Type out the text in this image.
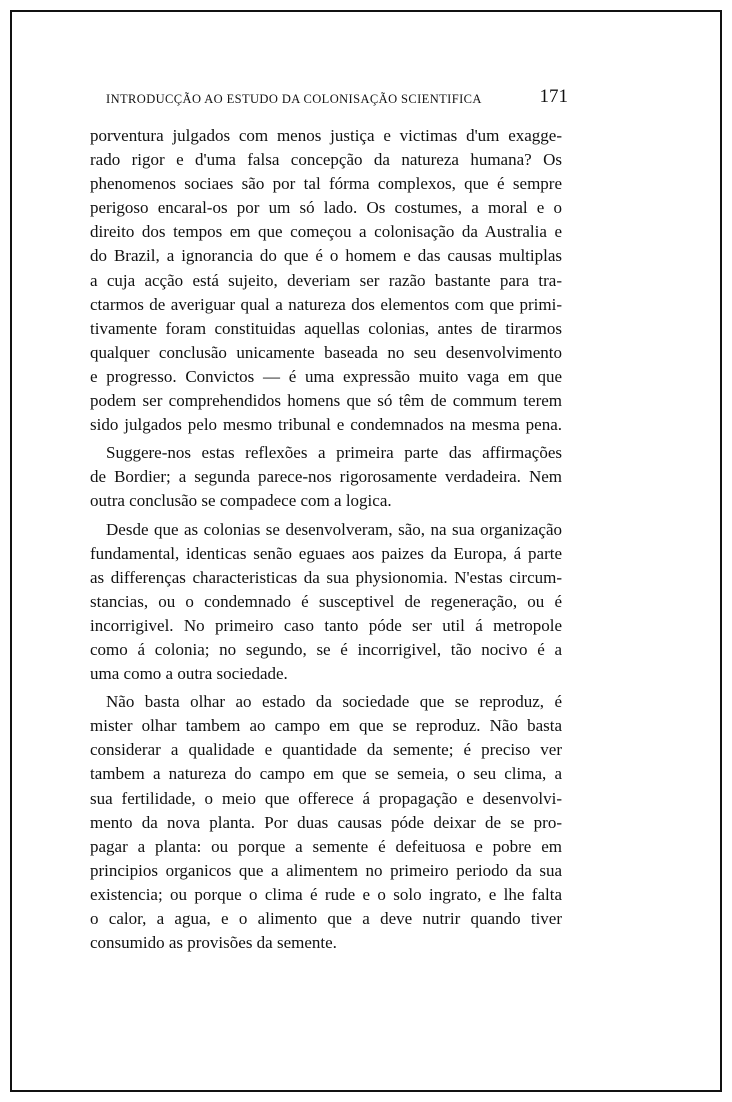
INTRODUCÇÃO AO ESTUDO DA COLONISAÇÃO SCIENTIFICA	171

porventura julgados com menos justiça e victimas d'um exagge-
rado rigor e d'uma falsa concepção da natureza humana? Os
phenomenos sociaes são por tal fórma complexos, que é sempre
perigoso encaral-os por um só lado. Os costumes, a moral e o
direito dos tempos em que começou a colonisação da Australia e
do Brazil, a ignorancia do que é o homem e das causas multiplas
a cuja acção está sujeito, deveriam ser razão bastante para tra-
ctarmos de averiguar qual a natureza dos elementos com que primi-
tivamente foram constituidas aquellas colonias, antes de tirarmos
qualquer conclusão unicamente baseada no seu desenvolvimento
e progresso. Convictos — é uma expressão muito vaga em que
podem ser comprehendidos homens que só têm de commum terem
sido julgados pelo mesmo tribunal e condemnados na mesma pena.

Suggere-nos estas reflexões a primeira parte das affirmações
de Bordier; a segunda parece-nos rigorosamente verdadeira. Nem
outra conclusão se compadece com a logica.

Desde que as colonias se desenvolveram, são, na sua organização
fundamental, identicas senão eguaes aos paizes da Europa, á parte
as differenças characteristicas da sua physionomia. N'estas circum-
stancias, ou o condemnado é susceptivel de regeneração, ou é
incorrigivel. No primeiro caso tanto póde ser util á metropole
como á colonia; no segundo, se é incorrigivel, tão nocivo é a
uma como a outra sociedade.

Não basta olhar ao estado da sociedade que se reproduz, é
mister olhar tambem ao campo em que se reproduz. Não basta
considerar a qualidade e quantidade da semente; é preciso ver
tambem a natureza do campo em que se semeia, o seu clima, a
sua fertilidade, o meio que offerece á propagação e desenvolvi-
mento da nova planta. Por duas causas póde deixar de se pro-
pagar a planta: ou porque a semente é defeituosa e pobre em
principios organicos que a alimentem no primeiro periodo da sua
existencia; ou porque o clima é rude e o solo ingrato, e lhe falta
o calor, a agua, e o alimento que a deve nutrir quando tiver
consumido as provisões da semente.
